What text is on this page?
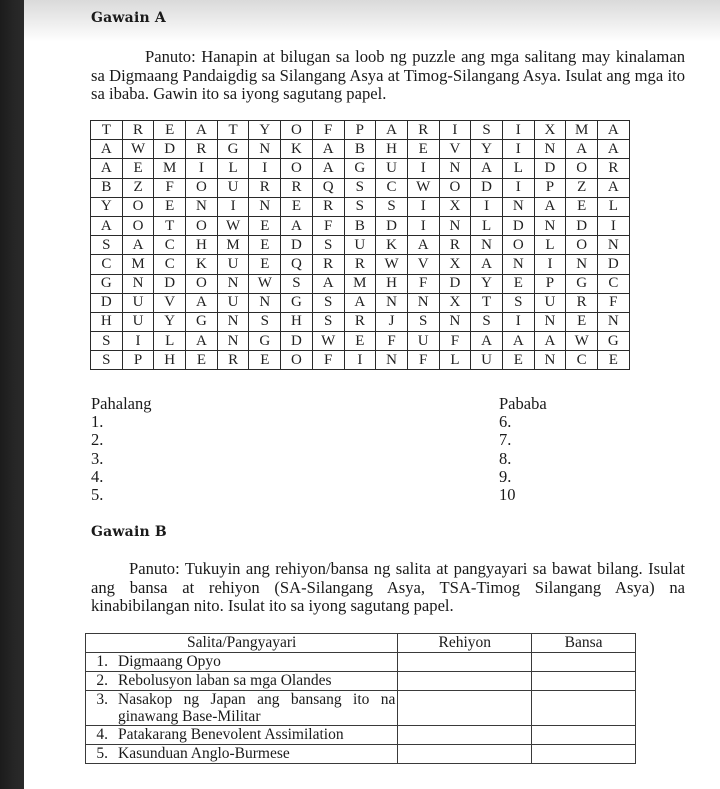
Gawain A
Panuto: Hanapin at bilugan sa loob ng puzzle ang mga salitang may kinalaman sa Digmaang Pandaigdig sa Silangang Asya at Timog-Silangang Asya. Isulat ang mga ito sa ibaba. Gawin ito sa iyong sagutang papel.
T	R	E	A	T	Y	O	F	P	A	R	I	S	I	X	M	A
A	W	D	R	G	N	K	A	B	H	E	V	Y	I	N	A	A
A	E	M	I	L	I	O	A	G	U	I	N	A	L	D	O	R
B	Z	F	O	U	R	R	Q	S	C	W	O	D	I	P	Z	A
Y	O	E	N	I	N	E	R	S	S	I	X	I	N	A	E	L
A	O	T	O	W	E	A	F	B	D	I	N	L	D	N	D	I
S	A	C	H	M	E	D	S	U	K	A	R	N	O	L	O	N
C	M	C	K	U	E	Q	R	R	W	V	X	A	N	I	N	D
G	N	D	O	N	W	S	A	M	H	F	D	Y	E	P	G	C
D	U	V	A	U	N	G	S	A	N	N	X	T	S	U	R	F
H	U	Y	G	N	S	H	S	R	J	S	N	S	I	N	E	N
S	I	L	A	N	G	D	W	E	F	U	F	A	A	A	W	G
S	P	H	E	R	E	O	F	I	N	F	L	U	E	N	C	E
Pahalang
1.
2.
3.
4.
5.
Pababa
6.
7.
8.
9.
10
Gawain B
Panuto: Tukuyin ang rehiyon/bansa ng salita at pangyayari sa bawat bilang. Isulat ang bansa at rehiyon (SA-Silangang Asya, TSA-Timog Silangang Asya) na kinabibilangan nito. Isulat ito sa iyong sagutang papel.
Salita/Pangyayari	Rehiyon	Bansa
1. Digmaang Opyo		
2. Rebolusyon laban sa mga Olandes		

3. Nasakop ng Japan ang bansang ito na ginawang Base-Militar		

4. Patakarang Benevolent Assimilation		
5. Kasunduan Anglo-Burmese		
